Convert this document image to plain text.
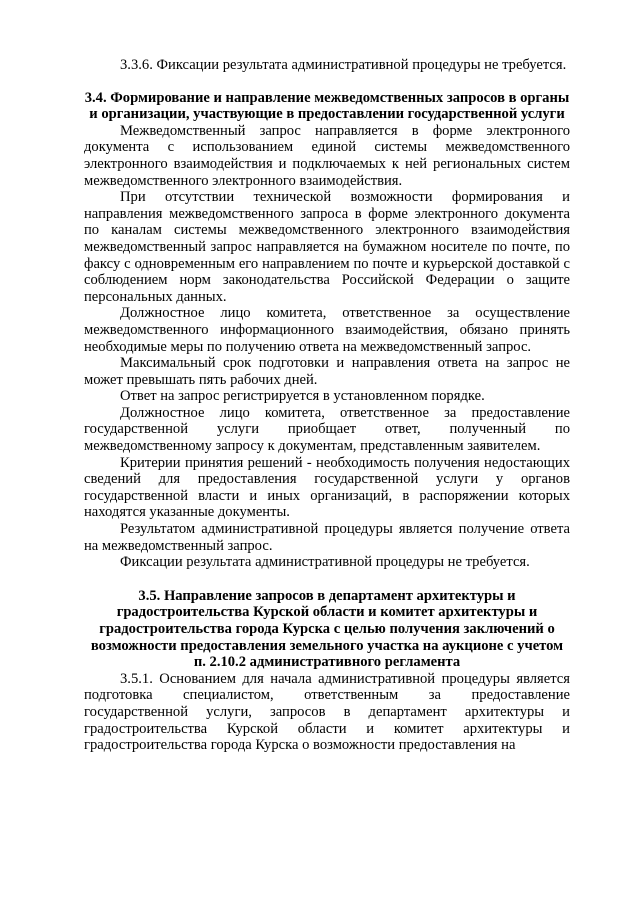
3.3.6. Фиксации результата административной процедуры не требуется.

3.4. Формирование и направление межведомственных запросов в органы и организации, участвующие в предоставлении государственной услуги

Межведомственный запрос направляется в форме электронного документа с использованием единой системы межведомственного электронного взаимодействия и подключаемых к ней региональных систем межведомственного электронного взаимодействия.

При отсутствии технической возможности формирования и направления межведомственного запроса в форме электронного документа по каналам системы межведомственного электронного взаимодействия межведомственный запрос направляется на бумажном носителе по почте, по факсу с одновременным его направлением по почте и курьерской доставкой с соблюдением норм законодательства Российской Федерации о защите персональных данных.

Должностное лицо комитета, ответственное за осуществление межведомственного информационного взаимодействия, обязано принять необходимые меры по получению ответа на межведомственный запрос.

Максимальный срок подготовки и направления ответа на запрос не может превышать пять рабочих дней.

Ответ на запрос регистрируется в установленном порядке.

Должностное лицо комитета, ответственное за предоставление государственной услуги приобщает ответ, полученный по межведомственному запросу к документам, представленным заявителем.

Критерии принятия решений - необходимость получения недостающих сведений для предоставления государственной услуги у органов государственной власти и иных организаций, в распоряжении которых находятся указанные документы.

Результатом административной процедуры является получение ответа на межведомственный запрос.

Фиксации результата административной процедуры не требуется.

3.5. Направление запросов в департамент архитектуры и градостроительства Курской области и комитет архитектуры и градостроительства города Курска с целью получения заключений о возможности предоставления земельного участка на аукционе с учетом п. 2.10.2 административного регламента

3.5.1. Основанием для начала административной процедуры является подготовка специалистом, ответственным за предоставление государственной услуги, запросов в департамент архитектуры и градостроительства Курской области и комитет архитектуры и градостроительства города Курска о возможности предоставления на
